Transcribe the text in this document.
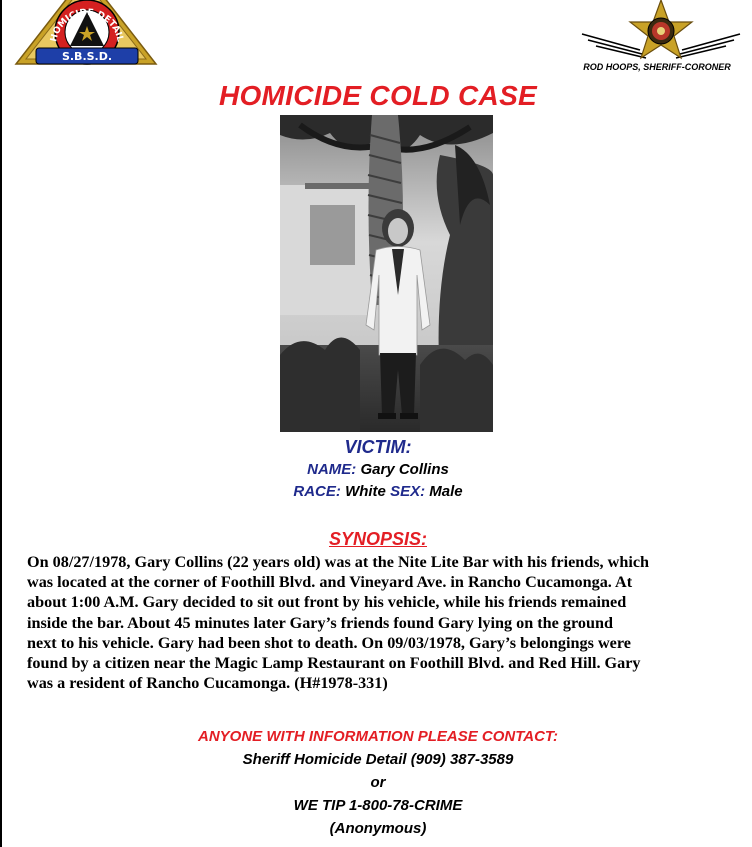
HOMICIDE DETAIL
S.B.S.D.
ROD HOOPS, SHERIFF-CORONER
HOMICIDE COLD CASE
VICTIM:
NAME: Gary Collins
RACE: White SEX: Male
SYNOPSIS:
On 08/27/1978, Gary Collins (22 years old) was at the Nite Lite Bar with his friends, which
was located at the corner of Foothill Blvd. and Vineyard Ave. in Rancho Cucamonga. At
about 1:00 A.M. Gary decided to sit out front by his vehicle, while his friends remained
inside the bar. About 45 minutes later Gary’s friends found Gary lying on the ground
next to his vehicle. Gary had been shot to death. On 09/03/1978, Gary’s belongings were
found by a citizen near the Magic Lamp Restaurant on Foothill Blvd. and Red Hill. Gary
was a resident of Rancho Cucamonga. (H#1978-331)
ANYONE WITH INFORMATION PLEASE CONTACT:
Sheriff Homicide Detail (909) 387-3589
or
WE TIP 1-800-78-CRIME
(Anonymous)
